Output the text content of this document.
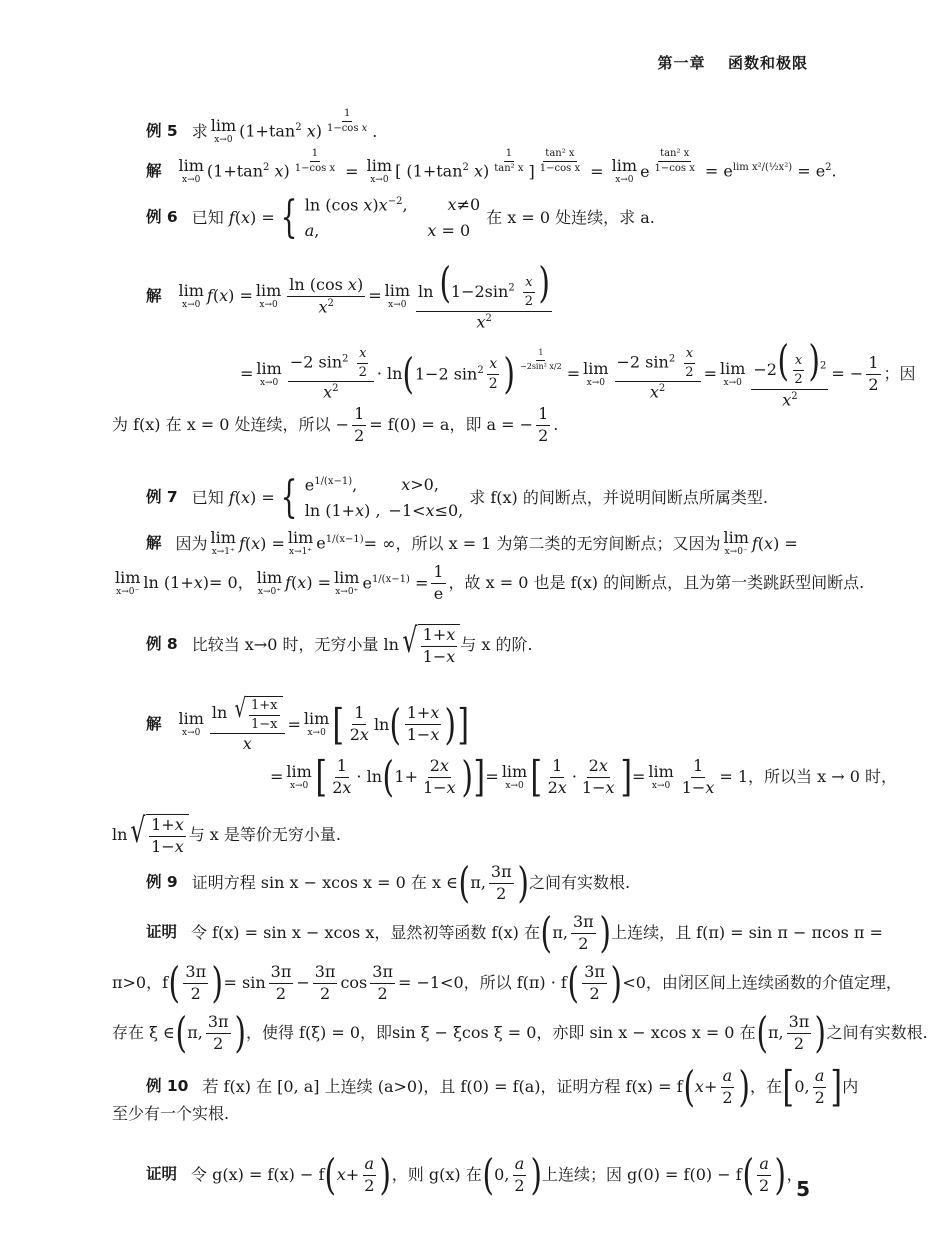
第一章 函数和极限
例 5 求 lim
x→0 ($1+\tan^2$ $x) \frac{1}{\text{1−cos x}}$ .
解 lim
x→0 ($1+\tan^2$ $x) \frac{1}{\text{1−cos x}} = \lim$
x→0 [ ($1+\tan^2$ $x) \frac{1}{\text{tan² x}}$ ] $\frac{\text{tan² x}}{\text{1−cos x}} = \lim$
x→0 e $\frac{\text{tan² x}}{\text{1−cos x}} = e^{lim x^2/(\frac{1}{2}x^2)} = e^2$.
例 6 已知 f(x) = { ln (cos $x)x^{-2}$,	x≠0
a ,	x = 0
在 x = 0 处连续，求 a.
解 lim
x→0 f(x) = lim
$x\to 0 \frac{\text{ln (cos x)}}{x^2} = \lim$
$x\to 0 \frac{\ln (1-2\sin^2 \frac{x}{2} )}{x^2}$
= lim
$x\to 0 \frac{-2 \sin^2 \frac{x}{2}}{x^2} \cdot \ln$ ( 1−2 $\sin^2 \frac{x}{2}$ ) $\frac{1}{\text{−2sin² x/2}}$
= lim
$x\to 0 \frac{-2 \sin^2 \frac{x}{2}}{x^2} = \lim$
$x\to 0 \frac{-2( \frac{x}{2} )^2}{x^2}$ = − $\frac{1}{2}$ ；因
为 f(x) 在 x = 0 处连续，所以 − $\frac{1}{2} = f(0) = a$，即 a = − $\frac{1}{2}$ .
例 7 已知 f(x) = { $e^{1/(x-1)}$,	x>0,
ln (1+x) , −1<x≤0,
求 f(x) 的间断点，并说明间断点所属类型.
解 因为 lim
x→1⁺ f(x) = lim
x→1⁺ $e^{1/(x-1)}$ = ∞，所以 x = 1 为第二类的无穷间断点；又因为 lim
x→0⁻ f(x) =
lim
x→0⁻ ln (1+x) = 0， lim
x→0⁺ f(x) = lim
x→0⁺ $e^{1/(x-1)} = \frac{1}{e}$ ，故 x = 0 也是 f(x) 的间断点，且为第一类跳跃型间断点.
例 8 比较当 x→0 时，无穷小量 ln √ $\frac{1+x}{1-x}$ 与 x 的阶.
解 lim
$x\to 0 \frac{\ln √ \frac{1+x}{1-x}}{x} = \lim$
x→0 [ $\frac{1}{2x}$ ln ( $\frac{1+x}{1-x}$ ) ]
= lim
x→0 [ $\frac{1}{2x} \cdot \ln$ ( $1+ \frac{2x}{1-x}$ ) ] = lim
x→0 [ $\frac{1}{2x} \cdot \frac{2x}{1-x}$ ] = lim
$x\to 0 \frac{1}{1-x} = 1$，所以当 x → 0 时，
ln √ $\frac{1+x}{1-x}$ 与 x 是等价无穷小量.
例 9 证明方程 sin x − xcos x = 0 在 x ∈ ( π, $\frac{3\pi}{2}$ ) 之间有实数根.
证明 令 f(x) = sin x − xcos x，显然初等函数 f(x) 在 ( π, $\frac{3\pi}{2}$ ) 上连续，且 f(π) = sin π − πcos π =
π>0，f ( $\frac{3\pi}{2}$ ) = $\sin \frac{3\pi}{2} - \frac{3\pi}{2}$ $\cos \frac{3\pi}{2} = -1<0$，所以 f(π) · f ( $\frac{3\pi}{2}$ ) <0，由闭区间上连续函数的介值定理，
存在 ξ ∈ ( π, $\frac{3\pi}{2}$ ) ，使得 f(ξ) = 0，即sin ξ − ξcos ξ = 0，亦即 sin x − xcos x = 0 在 ( π, $\frac{3\pi}{2}$ ) 之间有实数根.
例 10 若 f(x) 在 [0, a] 上连续 (a>0)，且 f(0) = f(a)，证明方程 f(x) = f ( $x + \frac{a}{2}$ ) ，在 [ 0, $\frac{a}{2}$ ] 内
至少有一个实根.
证明 令 g(x) = f(x) − f ( $x + \frac{a}{2}$ ) ，则 g(x) 在 ( 0, $\frac{a}{2}$ ) 上连续；因 g(0) = f(0) − f ( $\frac{a}{2}$ ) ，
5
